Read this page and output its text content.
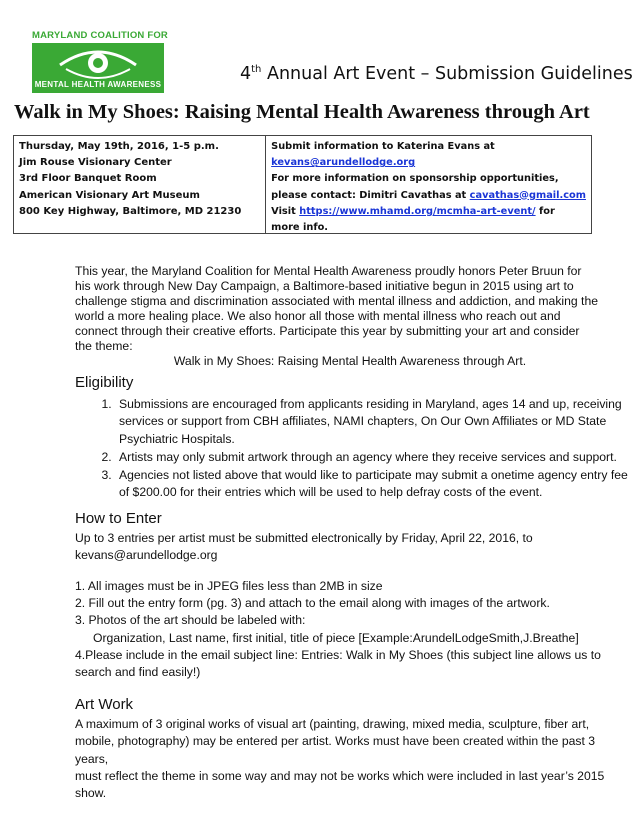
MARYLAND COALITION FOR
MENTAL HEALTH AWARENESS
4th Annual Art Event – Submission Guidelines
Walk in My Shoes: Raising Mental Health Awareness through Art
Thursday, May 19th, 2016, 1-5 p.m.
Jim Rouse Visionary Center
3rd Floor Banquet Room
American Visionary Art Museum
800 Key Highway, Baltimore, MD 21230
Submit information to Katerina Evans at
kevans@arundellodge.org
For more information on sponsorship opportunities,
please contact: Dimitri Cavathas at cavathas@gmail.com
Visit https://www.mhamd.org/mcmha-art-event/ for
more info.
This year, the Maryland Coalition for Mental Health Awareness proudly honors Peter Bruun for
his work through New Day Campaign, a Baltimore-based initiative begun in 2015 using art to
challenge stigma and discrimination associated with mental illness and addiction, and making the
world a more healing place. We also honor all those with mental illness who reach out and
connect through their creative efforts. Participate this year by submitting your art and consider
the theme:
Walk in My Shoes: Raising Mental Health Awareness through Art.
Eligibility
1. Submissions are encouraged from applicants residing in Maryland, ages 14 and up, receiving services or support from CBH affiliates, NAMI chapters, On Our Own Affiliates or MD State Psychiatric Hospitals.
2. Artists may only submit artwork through an agency where they receive services and support.
3. Agencies not listed above that would like to participate may submit a onetime agency entry fee of $200.00 for their entries which will be used to help defray costs of the event.
How to Enter
Up to 3 entries per artist must be submitted electronically by Friday, April 22, 2016, to
kevans@arundellodge.org
1. All images must be in JPEG files less than 2MB in size
2. Fill out the entry form (pg. 3) and attach to the email along with images of the artwork.
3. Photos of the art should be labeled with:
Organization, Last name, first initial, title of piece [Example:ArundelLodgeSmith,J.Breathe]
4.Please include in the email subject line: Entries: Walk in My Shoes (this subject line allows us to
search and find easily!)
Art Work
A maximum of 3 original works of visual art (painting, drawing, mixed media, sculpture, fiber art,
mobile, photography) may be entered per artist. Works must have been created within the past 3 years,
must reflect the theme in some way and may not be works which were included in last year’s 2015
show.
